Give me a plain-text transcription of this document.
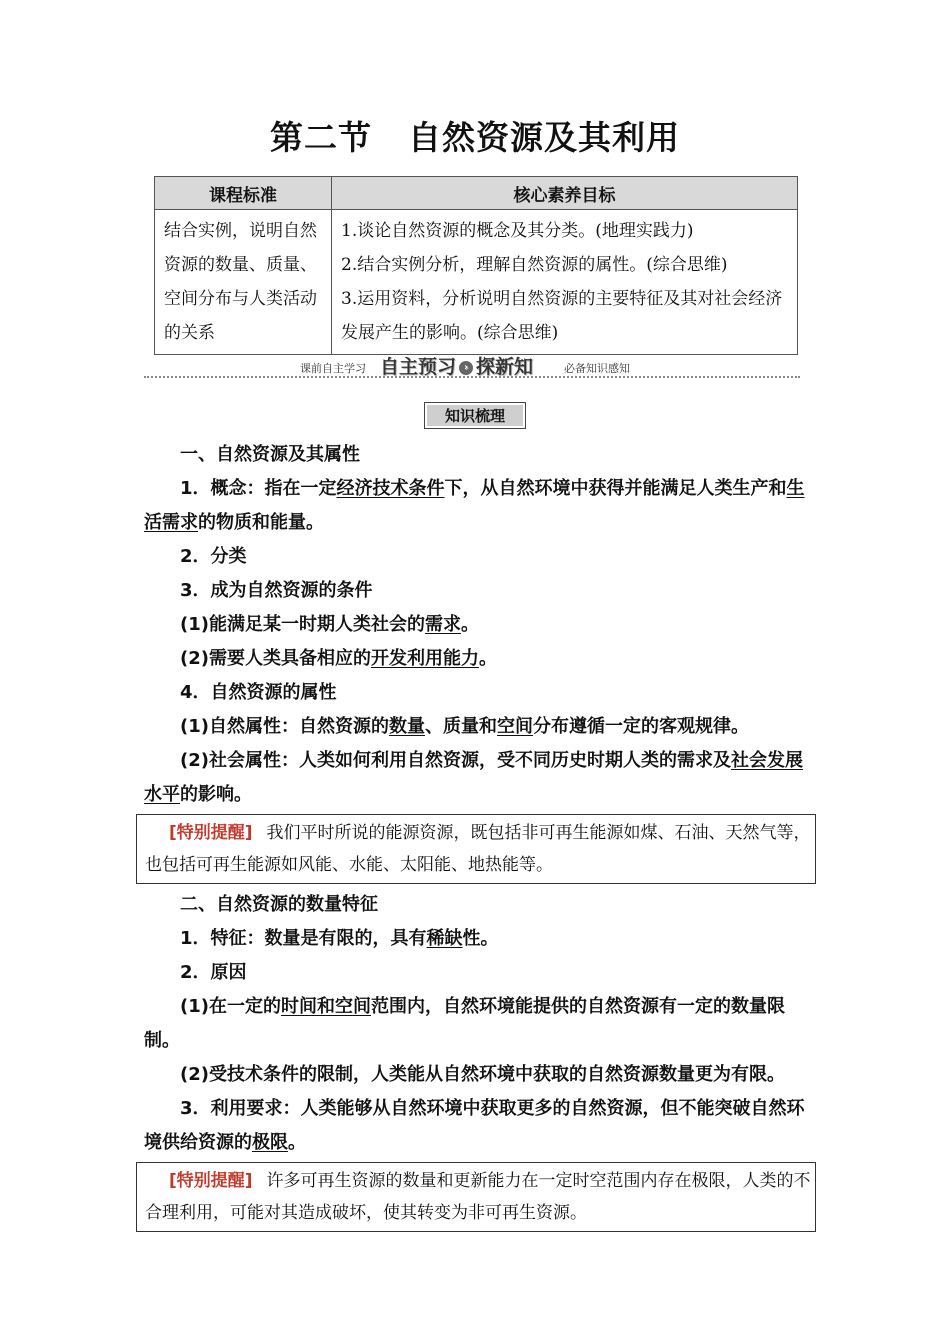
第二节 自然资源及其利用
课程标准	核心素养目标
结合实例，说明自然资源的数量、质量、空间分布与人类活动的关系	1.谈论自然资源的概念及其分类。(地理实践力)
2.结合实例分析，理解自然资源的属性。(综合思维)
3.运用资料，分析说明自然资源的主要特征及其对社会经济发展产生的影响。(综合思维)
课前自主学习 自主预习 › 探新知	必备知识感知
知识梳理

一、自然资源及其属性

1．概念：指在一定经济技术条件下，从自然环境中获得并能满足人类生产和生活需求的物质和能量。

2．分类

3．成为自然资源的条件

(1)能满足某一时期人类社会的需求。

(2)需要人类具备相应的开发利用能力。

4．自然资源的属性

(1)自然属性：自然资源的数量、质量和空间分布遵循一定的客观规律。

(2)社会属性：人类如何利用自然资源，受不同历史时期人类的需求及社会发展水平的影响。

[特别提醒] 我们平时所说的能源资源，既包括非可再生能源如煤、石油、天然气等，也包括可再生能源如风能、水能、太阳能、地热能等。

二、自然资源的数量特征

1．特征：数量是有限的，具有稀缺性。

2．原因

(1)在一定的时间和空间范围内，自然环境能提供的自然资源有一定的数量限制。

(2)受技术条件的限制，人类能从自然环境中获取的自然资源数量更为有限。

3．利用要求：人类能够从自然环境中获取更多的自然资源，但不能突破自然环境供给资源的极限。

[特别提醒] 许多可再生资源的数量和更新能力在一定时空范围内存在极限，人类的不合理利用，可能对其造成破坏，使其转变为非可再生资源。
